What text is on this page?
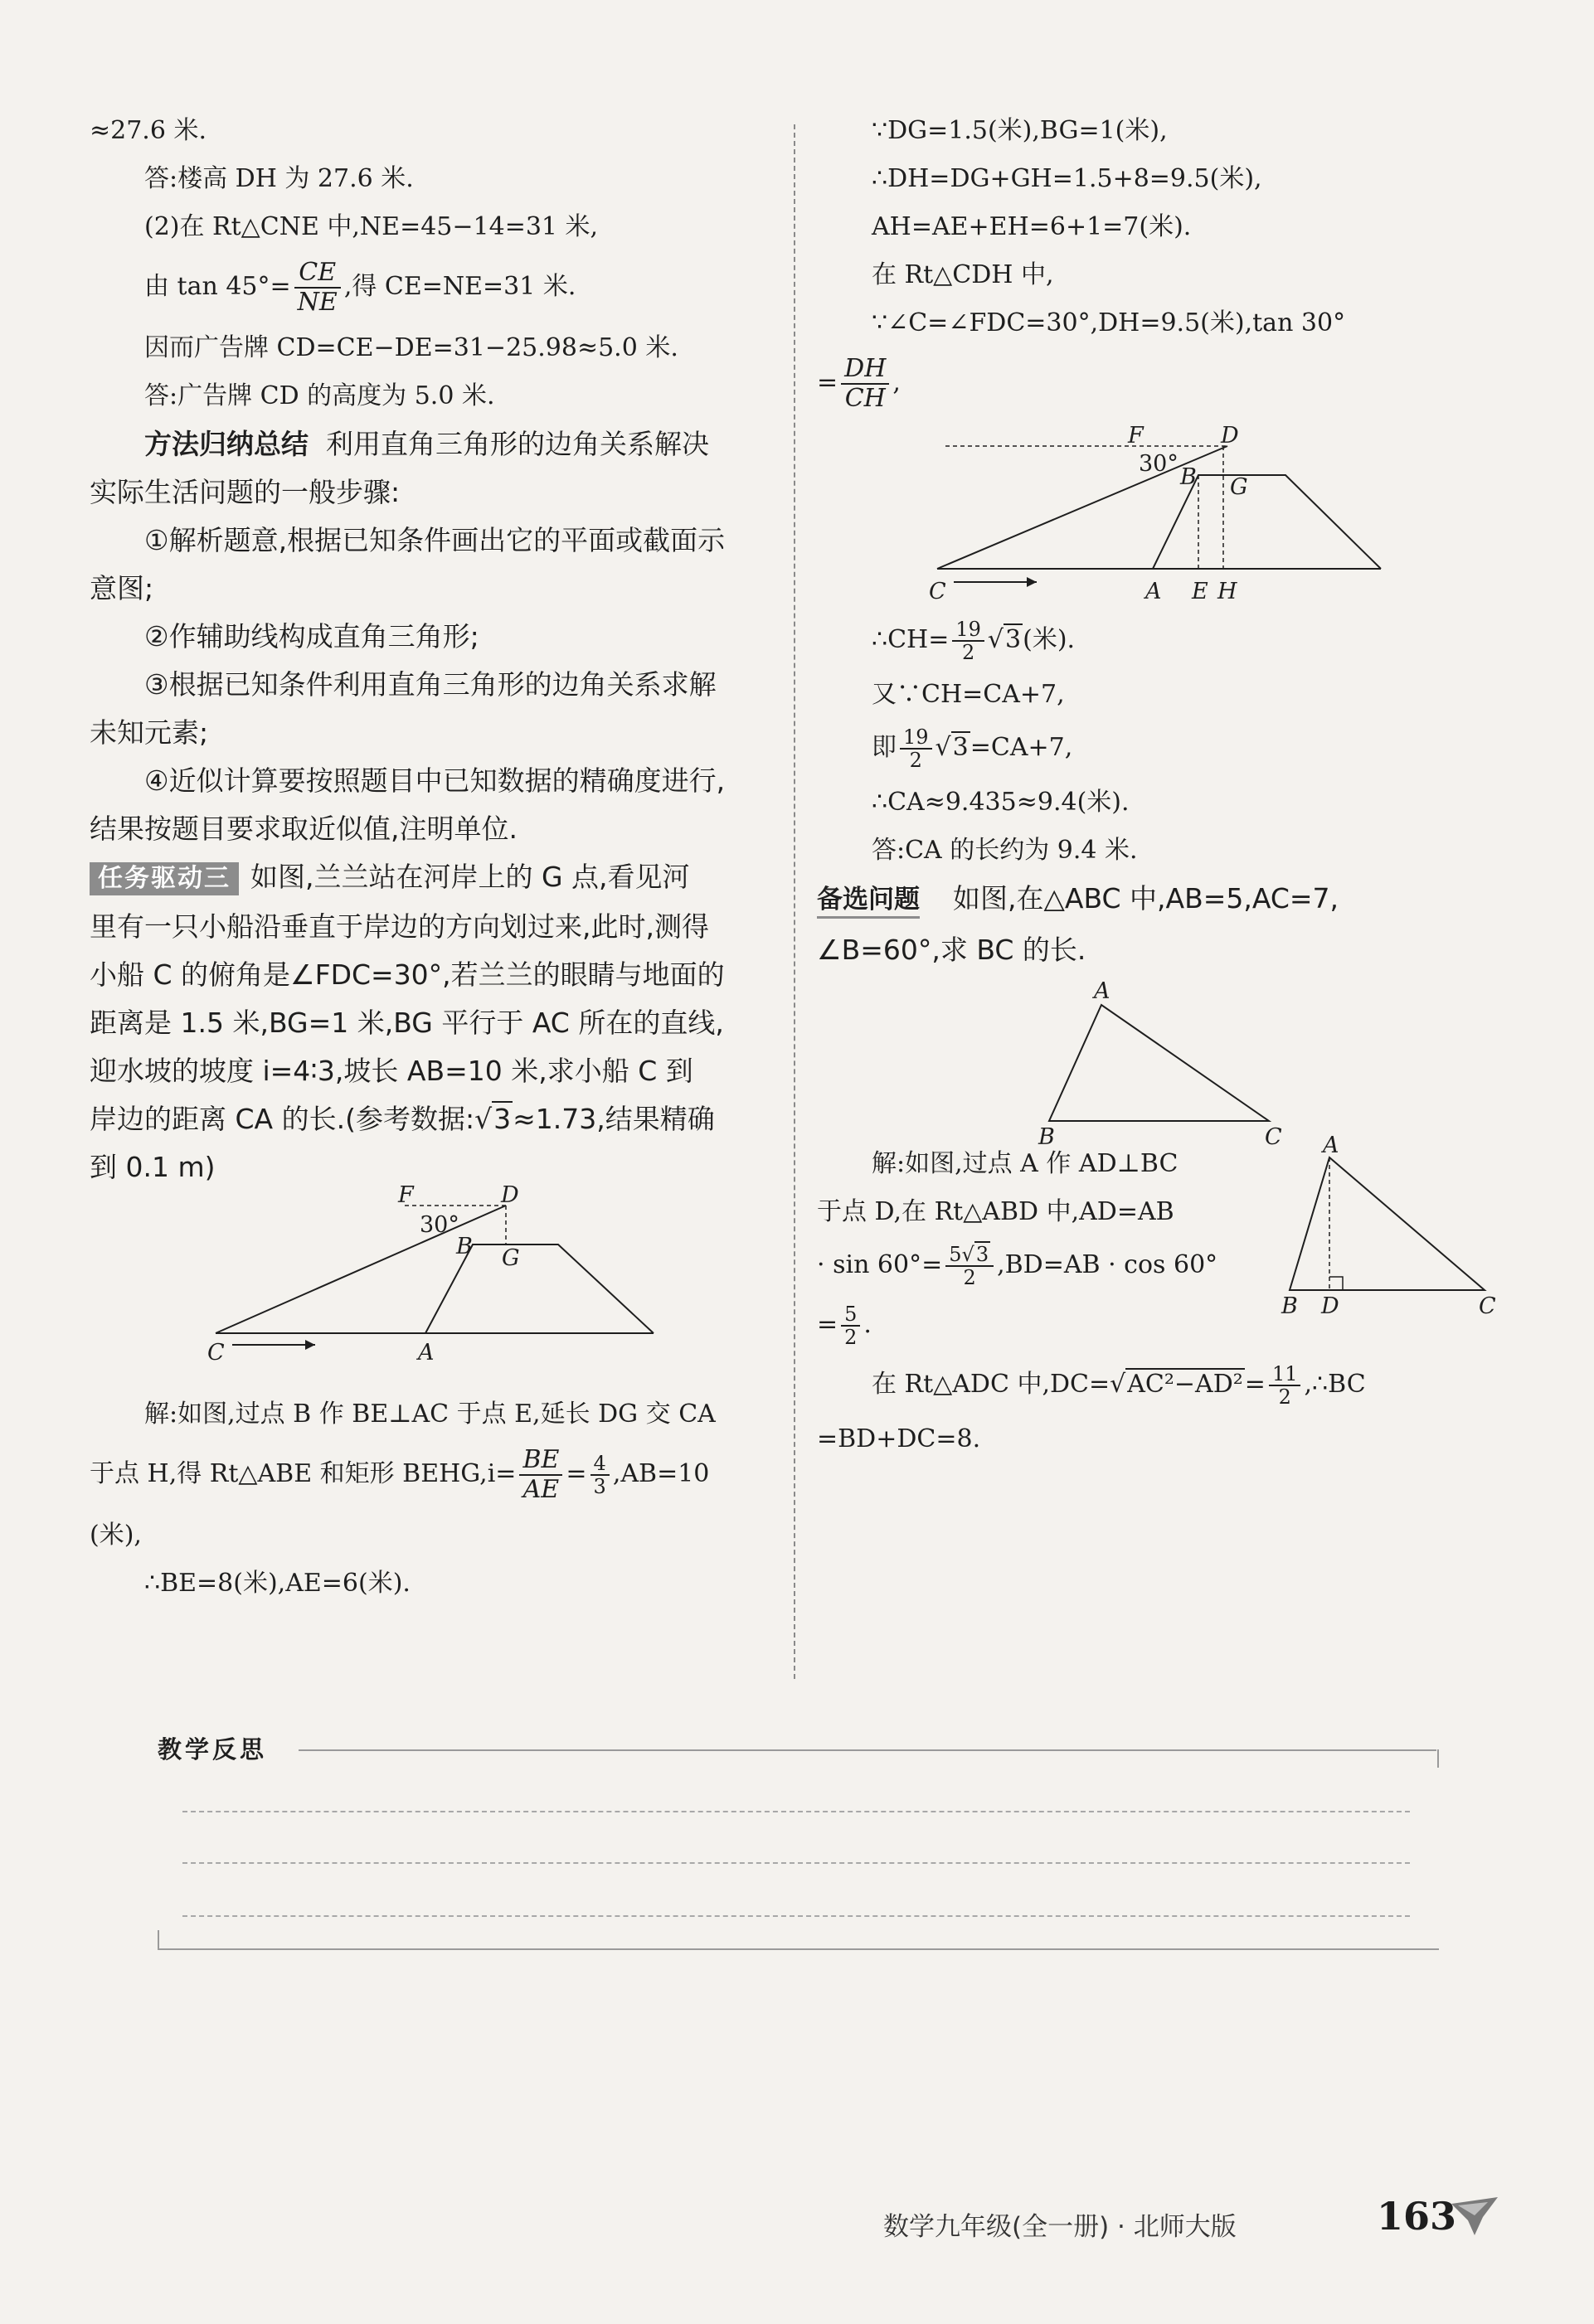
≈27.6 米.
答:楼高 DH 为 27.6 米.
(2)在 Rt△CNE 中,NE=45−14=31 米,
由 $\tan 45^\circ= \frac{CE}{NE}$ ,得 CE=NE=31 米.
因而广告牌 CD=CE−DE=31−25.98≈5.0 米.
答:广告牌 CD 的高度为 5.0 米.
方法归纳总结 利用直角三角形的边角关系解决
实际生活问题的一般步骤:
①解析题意,根据已知条件画出它的平面或截面示
意图;
②作辅助线构成直角三角形;
③根据已知条件利用直角三角形的边角关系求解
未知元素;
④近似计算要按照题目中已知数据的精确度进行,
结果按题目要求取近似值,注明单位.
任务驱动三 如图,兰兰站在河岸上的 G 点,看见河
里有一只小船沿垂直于岸边的方向划过来,此时,测得
小船 C 的俯角是∠FDC=30°,若兰兰的眼睛与地面的
距离是 1.5 米,BG=1 米,BG 平行于 AC 所在的直线,
迎水坡的坡度 i=4∶3,坡长 AB=10 米,求小船 C 到
岸边的距离 CA 的长.(参考数据:√3≈1.73,结果精确
到 0.1 m)
F	D
30°
B G
C	A
解:如图,过点 B 作 BE⊥AC 于点 E,延长 DG 交 CA
于点 H,得 Rt△ABE 和矩形 BEHG,i= $\frac{BE}{AE} = \frac{4}{3} ,AB=10$
(米),
∴BE=8(米),AE=6(米).
∵DG=1.5(米),BG=1(米),
∴DH=DG+GH=1.5+8=9.5(米),
AH=AE+EH=6+1=7(米).
在 Rt△CDH 中,
∵∠C=∠FDC=30°,DH=9.5(米),tan 30°
= $\frac{DH}{CH}$ ,
F	D
30°
B G
C	A E H
∴CH= $\frac{19}{2} √3$(米).
又∵CH=CA+7,
即 $\frac{19}{2} √3=CA+7$,
∴CA≈9.435≈9.4(米).
答:CA 的长约为 9.4 米.
备选问题 如图,在△ABC 中,AB=5,AC=7,
∠B=60°,求 BC 的长.
A
B	C A
B D	C
解:如图,过点 A 作 AD⊥BC
于点 D,在 Rt△ABD 中,AD=AB
· $\sin 60^\circ= \frac{5√3}{2} ,BD=AB \cdot \cos 60^\circ$
= $\frac{5}{2}$ .
在 Rt△ADC 中$,DC=√AC^2-AD^2= \frac{11}{2}$ ,∴BC
=BD+DC=8.
教学反思
数学九年级(全一册) · 北师大版	163
